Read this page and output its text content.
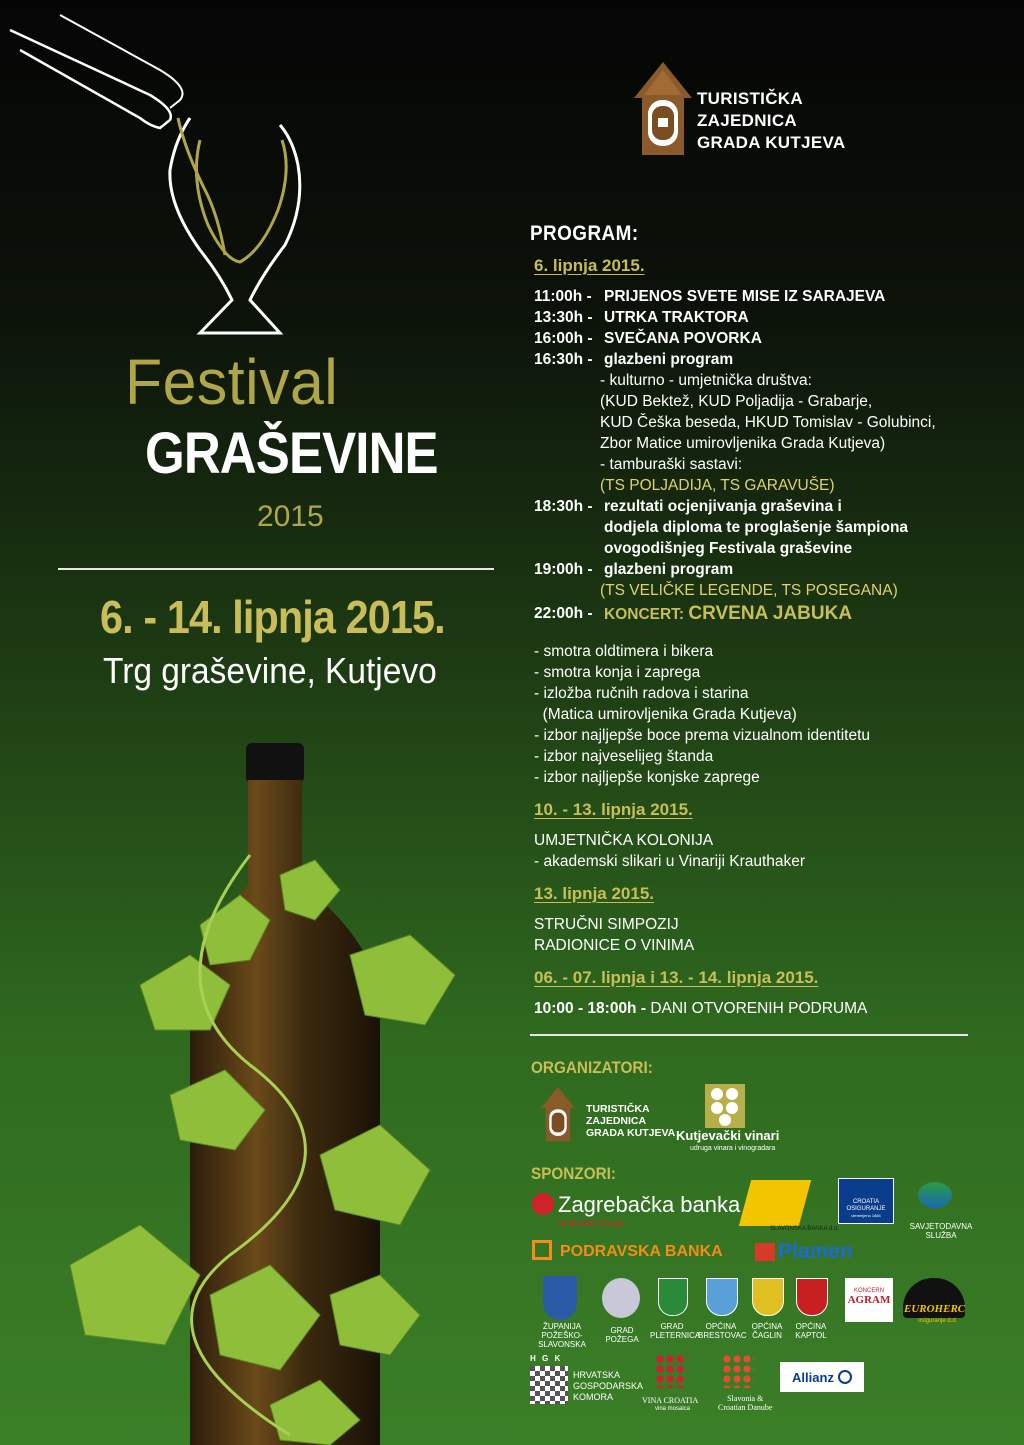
TURISTIČKA
ZAJEDNICA
GRADA KUTJEVA
Festival
GRAŠEVINE
2015
6. - 14. lipnja 2015.
Trg graševine, Kutjevo
PROGRAM:
6. lipnja 2015.
11:00h - PRIJENOS SVETE MISE IZ SARAJEVA
13:30h - UTRKA TRAKTORA
16:00h - SVEČANA POVORKA
16:30h - glazbeni program
- kulturno - umjetnička društva:
(KUD Bektež, KUD Poljadija - Grabarje,
KUD Češka beseda, HKUD Tomislav - Golubinci,
Zbor Matice umirovljenika Grada Kutjeva)
- tamburaški sastavi:
(TS POLJADIJA, TS GARAVUŠE)
18:30h - rezultati ocjenjivanja graševina i
dodjela diploma te proglašenje šampiona
ovogodišnjeg Festivala graševine
19:00h - glazbeni program
(TS VELIČKE LEGENDE, TS POSEGANA)
22:00h - KONCERT: CRVENA JABUKA
- smotra oldtimera i bikera
- smotra konja i zaprega
- izložba ručnih radova i starina
(Matica umirovljenika Grada Kutjeva)
- izbor najljepše boce prema vizualnom identitetu
- izbor najveselijeg štanda
- izbor najljepše konjske zaprege
10. - 13. lipnja 2015.
UMJETNIČKA KOLONIJA
- akademski slikari u Vinariji Krauthaker
13. lipnja 2015.
STRUČNI SIMPOZIJ
RADIONICE O VINIMA
06. - 07. lipnja i 13. - 14. lipnja 2015.
10:00 - 18:00h - DANI OTVORENIH PODRUMA
ORGANIZATORI:
TURISTIČKA
ZAJEDNICA
GRADA KUTJEVA Kutjevački vinari
udruga vinara i vinogradara
SPONZORI:
Zagrebačka banka
UniCredit Group
SLAVONSKA BANKA d.d.
CROATIA OSIGURANJE
utemeljeno 1884
SAVJETODAVNA SLUŽBA
PODRAVSKA BANKA	Plamen
ŽUPANIJA POŽEŠKO-SLAVONSKA
GRAD POŽEGA
GRAD PLETERNICA
OPĆINA BRESTOVAC
OPĆINA ČAGLIN
OPĆINA KAPTOL
KONCERN
AGRAM
EUROHERC
osiguranje d.d.
H G K
HRVATSKA
GOSPODARSKA
KOMORA	VINA CROATIA
vina mosaica
Slavonia &
Croatian Danube
Allianz
